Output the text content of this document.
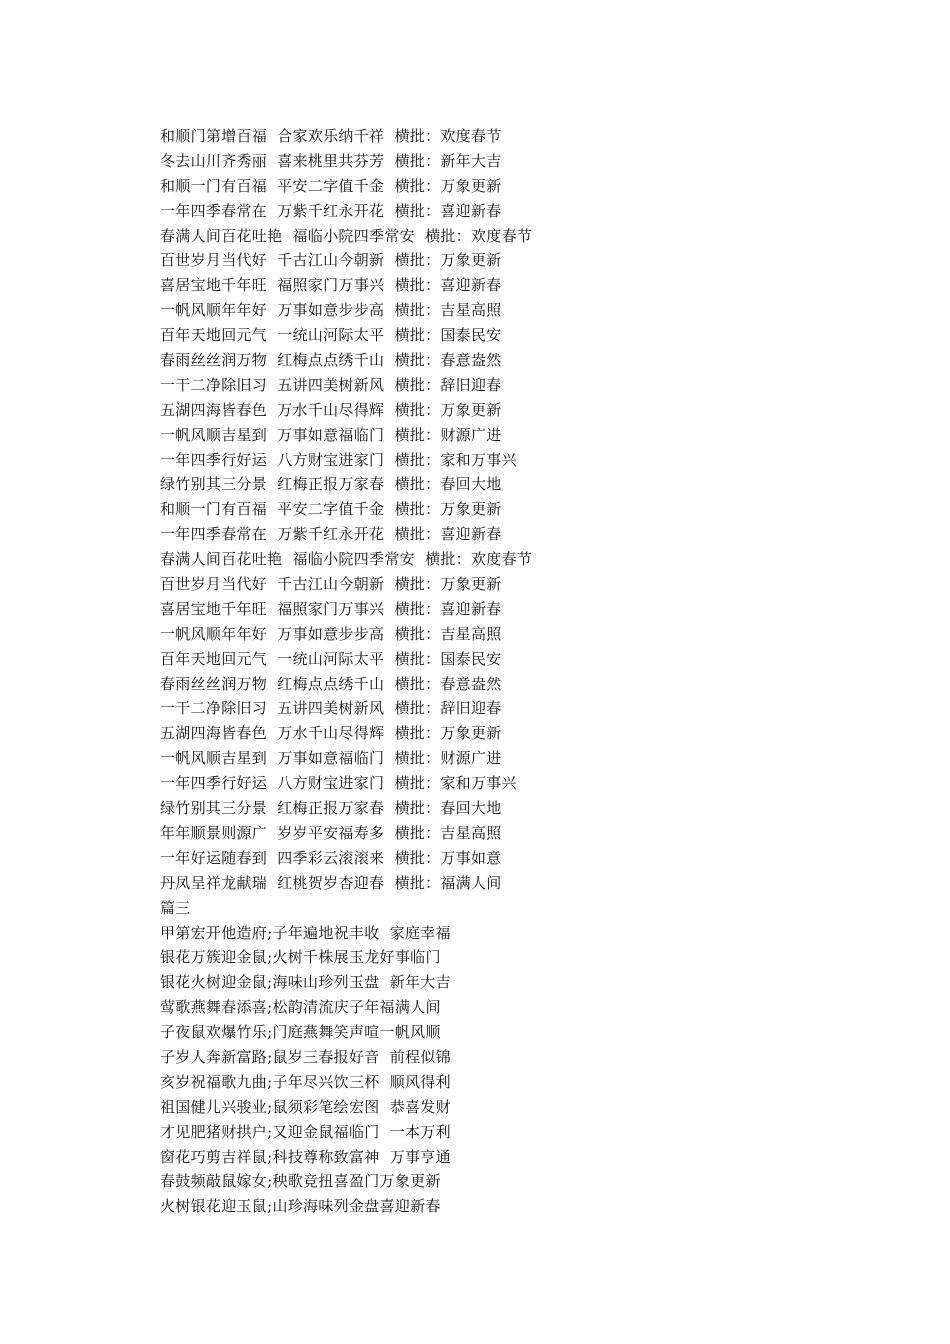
和顺门第增百福  合家欢乐纳千祥  横批：欢度春节
冬去山川齐秀丽  喜来桃里共芬芳  横批：新年大吉
和顺一门有百福  平安二字值千金  横批：万象更新
一年四季春常在  万紫千红永开花  横批：喜迎新春
春满人间百花吐艳  福临小院四季常安  横批：欢度春节
百世岁月当代好  千古江山今朝新  横批：万象更新
喜居宝地千年旺  福照家门万事兴  横批：喜迎新春
一帆风顺年年好  万事如意步步高  横批：吉星高照
百年天地回元气  一统山河际太平  横批：国泰民安
春雨丝丝润万物  红梅点点绣千山  横批：春意盎然
一干二净除旧习  五讲四美树新风  横批：辞旧迎春
五湖四海皆春色  万水千山尽得辉  横批：万象更新
一帆风顺吉星到  万事如意福临门  横批：财源广进
一年四季行好运  八方财宝进家门  横批：家和万事兴
绿竹别其三分景  红梅正报万家春  横批：春回大地
和顺一门有百福  平安二字值千金  横批：万象更新
一年四季春常在  万紫千红永开花  横批：喜迎新春
春满人间百花吐艳  福临小院四季常安  横批：欢度春节
百世岁月当代好  千古江山今朝新  横批：万象更新
喜居宝地千年旺  福照家门万事兴  横批：喜迎新春
一帆风顺年年好  万事如意步步高  横批：吉星高照
百年天地回元气  一统山河际太平  横批：国泰民安
春雨丝丝润万物  红梅点点绣千山  横批：春意盎然
一干二净除旧习  五讲四美树新风  横批：辞旧迎春
五湖四海皆春色  万水千山尽得辉  横批：万象更新
一帆风顺吉星到  万事如意福临门  横批：财源广进
一年四季行好运  八方财宝进家门  横批：家和万事兴
绿竹别其三分景  红梅正报万家春  横批：春回大地
年年顺景则源广  岁岁平安福寿多  横批：吉星高照
一年好运随春到  四季彩云滚滚来  横批：万事如意
丹凤呈祥龙献瑞  红桃贺岁杏迎春  横批：福满人间
篇三
甲第宏开他造府;子年遍地祝丰收  家庭幸福
银花万簇迎金鼠;火树千株展玉龙好事临门
银花火树迎金鼠;海味山珍列玉盘  新年大吉
莺歌燕舞春添喜;松韵清流庆子年福满人间
子夜鼠欢爆竹乐;门庭燕舞笑声喧一帆风顺
子岁人奔新富路;鼠岁三春报好音  前程似锦
亥岁祝福歌九曲;子年尽兴饮三杯  顺风得利
祖国健儿兴骏业;鼠须彩笔绘宏图  恭喜发财
才见肥猪财拱户;又迎金鼠福临门  一本万利
窗花巧剪吉祥鼠;科技尊称致富神  万事亨通
春鼓频敲鼠嫁女;秧歌竞扭喜盈门万象更新
火树银花迎玉鼠;山珍海味列金盘喜迎新春
